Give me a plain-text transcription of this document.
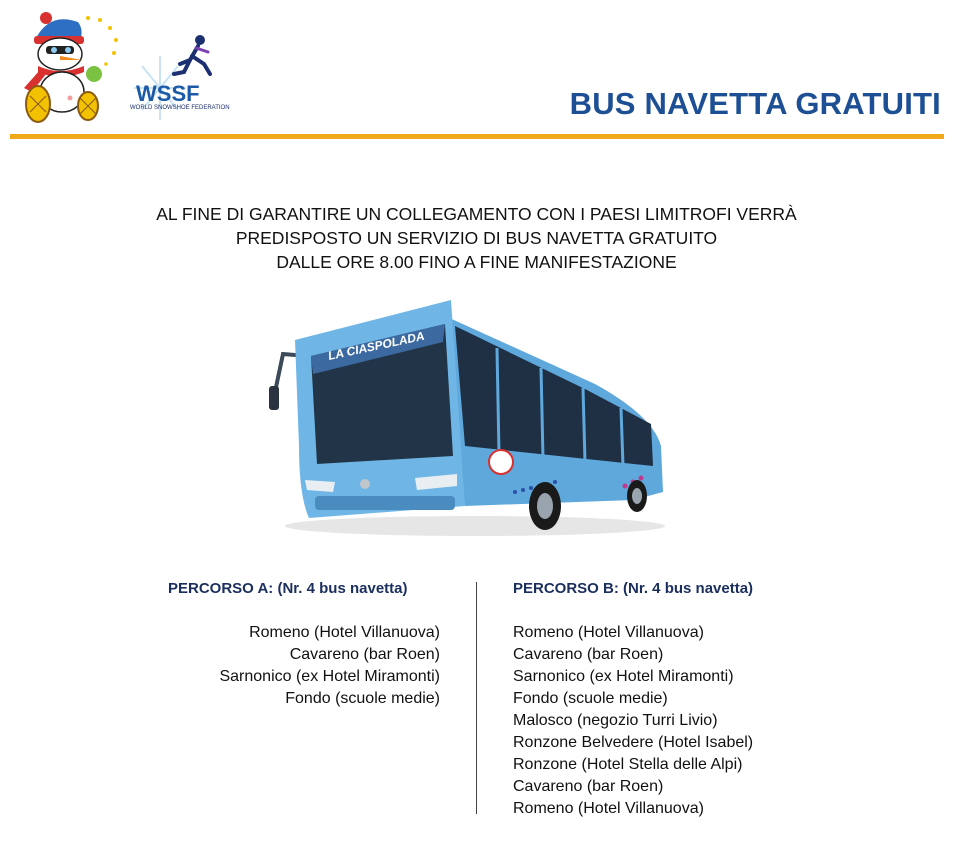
WSSF
WORLD SNOWSHOE FEDERATION	BUS NAVETTA GRATUITI
AL FINE DI GARANTIRE UN COLLEGAMENTO CON I PAESI LIMITROFI VERRÀ
PREDISPOSTO UN SERVIZIO DI BUS NAVETTA GRATUITO
DALLE ORE 8.00 FINO A FINE MANIFESTAZIONE
LA CIASPOLADA
PERCORSO A: (Nr. 4 bus navetta)
Romeno (Hotel Villanuova)
Cavareno (bar Roen)
Sarnonico (ex Hotel Miramonti)
Fondo (scuole medie)
PERCORSO B: (Nr. 4 bus navetta)
Romeno (Hotel Villanuova)
Cavareno (bar Roen)
Sarnonico (ex Hotel Miramonti)
Fondo (scuole medie)
Malosco (negozio Turri Livio)
Ronzone Belvedere (Hotel Isabel)
Ronzone (Hotel Stella delle Alpi)
Cavareno (bar Roen)
Romeno (Hotel Villanuova)
